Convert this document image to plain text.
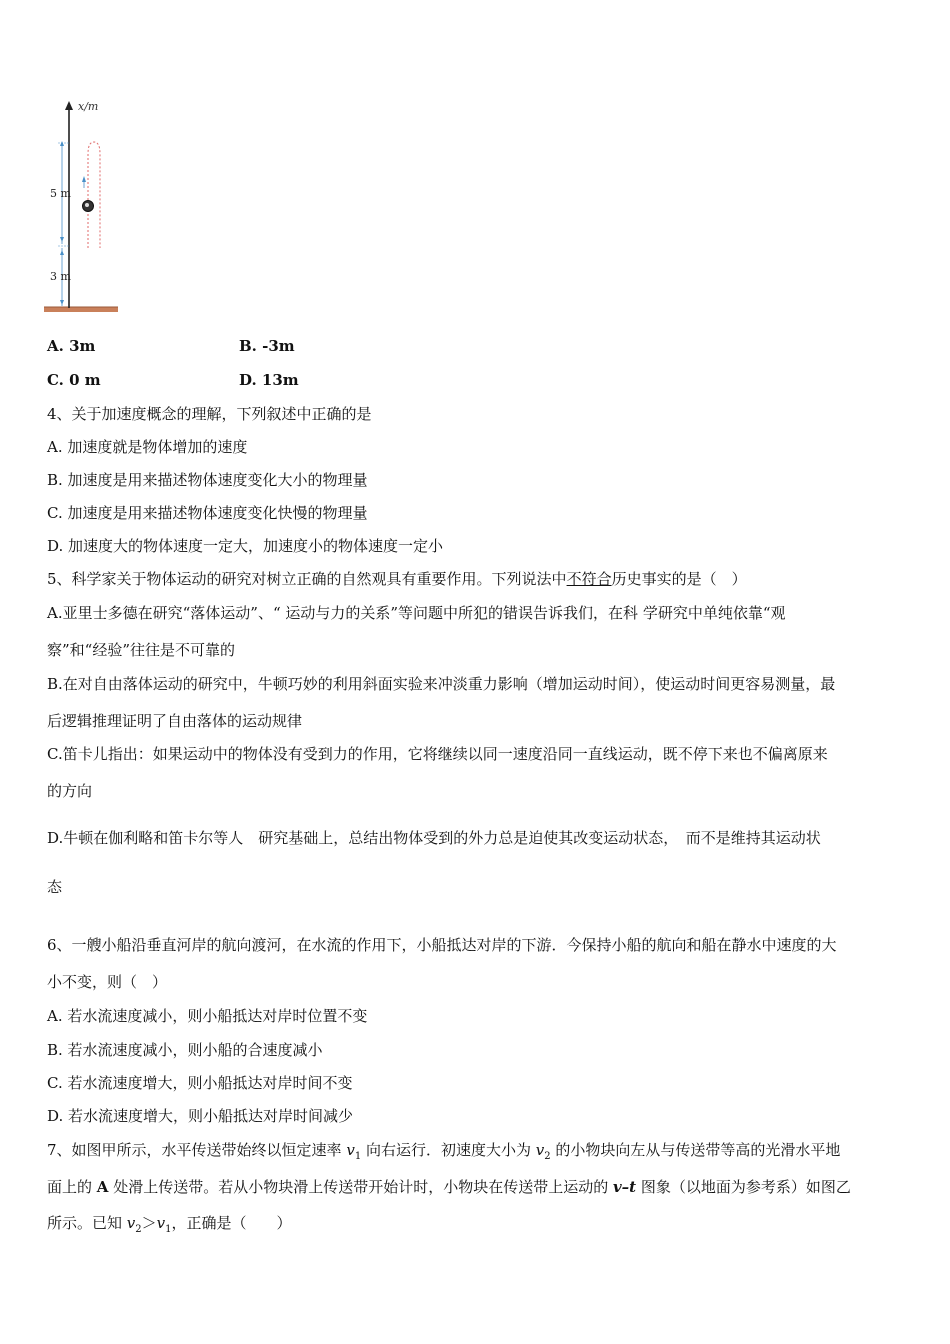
x/m
5 m
3 m
A. 3m	B. -3m
C. 0 m	D. 13m
4、关于加速度概念的理解，下列叙述中正确的是
A. 加速度就是物体增加的速度
B. 加速度是用来描述物体速度变化大小的物理量
C. 加速度是用来描述物体速度变化快慢的物理量
D. 加速度大的物体速度一定大，加速度小的物体速度一定小
5、科学家关于物体运动的研究对树立正确的自然观具有重要作用。下列说法中不符合历史事实的是（　）
A.亚里士多德在研究“落体运动”、“ 运动与力的关系”等问题中所犯的错误告诉我们，在科 学研究中单纯依靠“观
察”和“经验”往往是不可靠的
B.在对自由落体运动的研究中，牛顿巧妙的利用斜面实验来冲淡重力影响（增加运动时间），使运动时间更容易测量，最
后逻辑推理证明了自由落体的运动规律
C.笛卡儿指出：如果运动中的物体没有受到力的作用，它将继续以同一速度沿同一直线运动，既不停下来也不偏离原来
的方向
D.牛顿在伽利略和笛卡尔等人　研究基础上，总结出物体受到的外力总是迫使其改变运动状态，　而不是维持其运动状
态
6、一艘小船沿垂直河岸的航向渡河，在水流的作用下，小船抵达对岸的下游．今保持小船的航向和船在静水中速度的大
小不变，则（　）
A. 若水流速度减小，则小船抵达对岸时位置不变
B. 若水流速度减小，则小船的合速度减小
C. 若水流速度增大，则小船抵达对岸时间不变
D. 若水流速度增大，则小船抵达对岸时间减少
7、如图甲所示，水平传送带始终以恒定速率 $v_1$ 向右运行．初速度大小为 $v_2$ 的小物块向左从与传送带等高的光滑水平地
面上的 A 处滑上传送带。若从小物块滑上传送带开始计时，小物块在传送带上运动的 v–t 图象（以地面为参考系）如图乙
所示。已知 $v_2>v_1$，正确是（　　）
